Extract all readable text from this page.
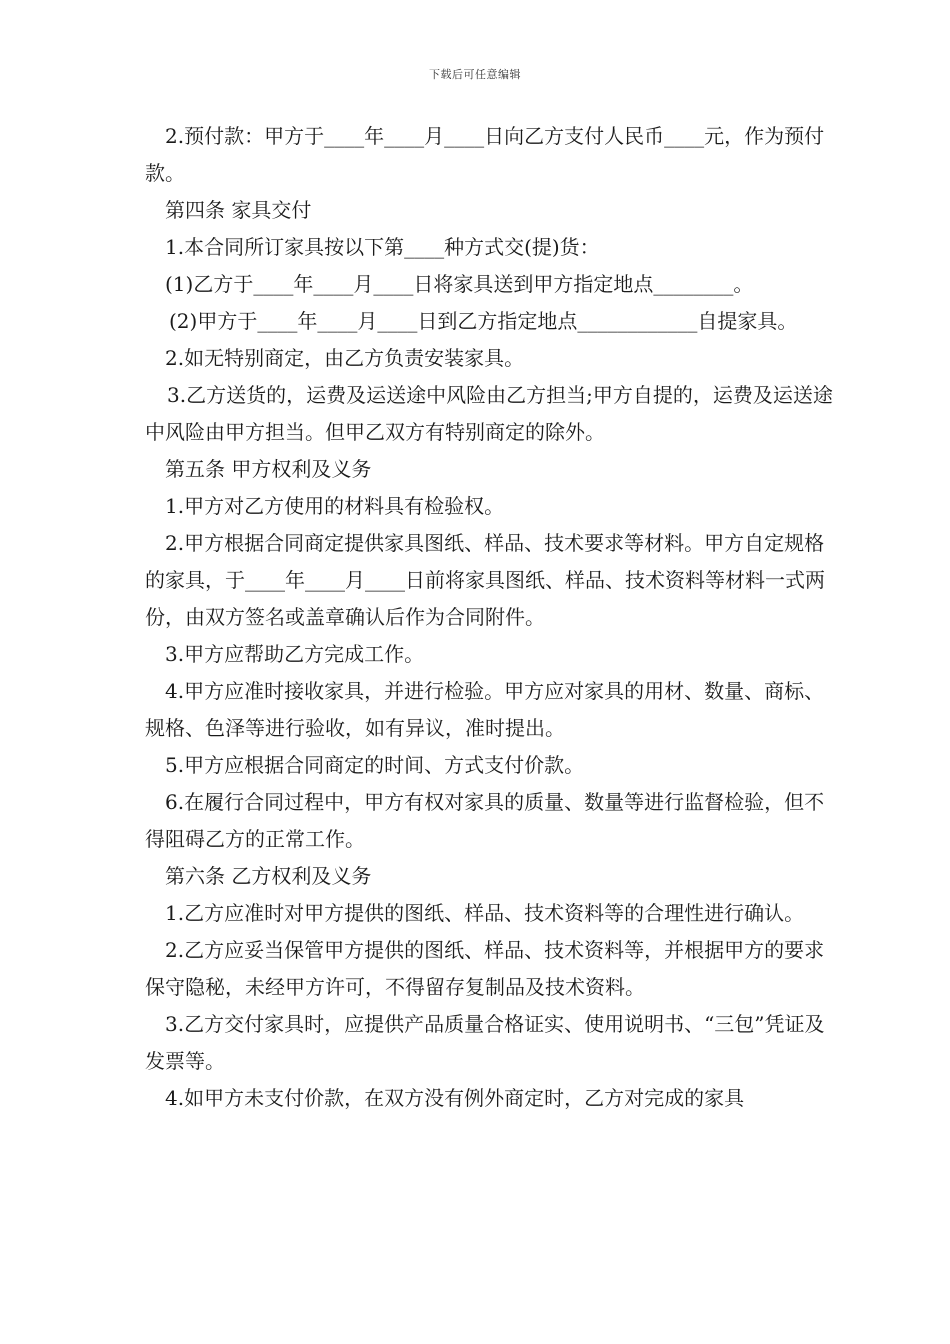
下载后可任意编辑

2.预付款：甲方于____年____月____日向乙方支付人民币____元，作为预付款。

第四条 家具交付

1.本合同所订家具按以下第____种方式交(提)货：

(1)乙方于____年____月____日将家具送到甲方指定地点________。

(2)甲方于____年____月____日到乙方指定地点____________自提家具。

2.如无特别商定，由乙方负责安装家具。

3.乙方送货的，运费及运送途中风险由乙方担当;甲方自提的，运费及运送途中风险由甲方担当。但甲乙双方有特别商定的除外。

第五条 甲方权利及义务

1.甲方对乙方使用的材料具有检验权。

2.甲方根据合同商定提供家具图纸、样品、技术要求等材料。甲方自定规格的家具，于____年____月____日前将家具图纸、样品、技术资料等材料一式两份，由双方签名或盖章确认后作为合同附件。

3.甲方应帮助乙方完成工作。

4.甲方应准时接收家具，并进行检验。甲方应对家具的用材、数量、商标、规格、色泽等进行验收，如有异议，准时提出。

5.甲方应根据合同商定的时间、方式支付价款。

6.在履行合同过程中，甲方有权对家具的质量、数量等进行监督检验，但不得阻碍乙方的正常工作。

第六条 乙方权利及义务

1.乙方应准时对甲方提供的图纸、样品、技术资料等的合理性进行确认。

2.乙方应妥当保管甲方提供的图纸、样品、技术资料等，并根据甲方的要求保守隐秘，未经甲方许可，不得留存复制品及技术资料。

3.乙方交付家具时，应提供产品质量合格证实、使用说明书、“三包”凭证及发票等。

4.如甲方未支付价款，在双方没有例外商定时，乙方对完成的家具
